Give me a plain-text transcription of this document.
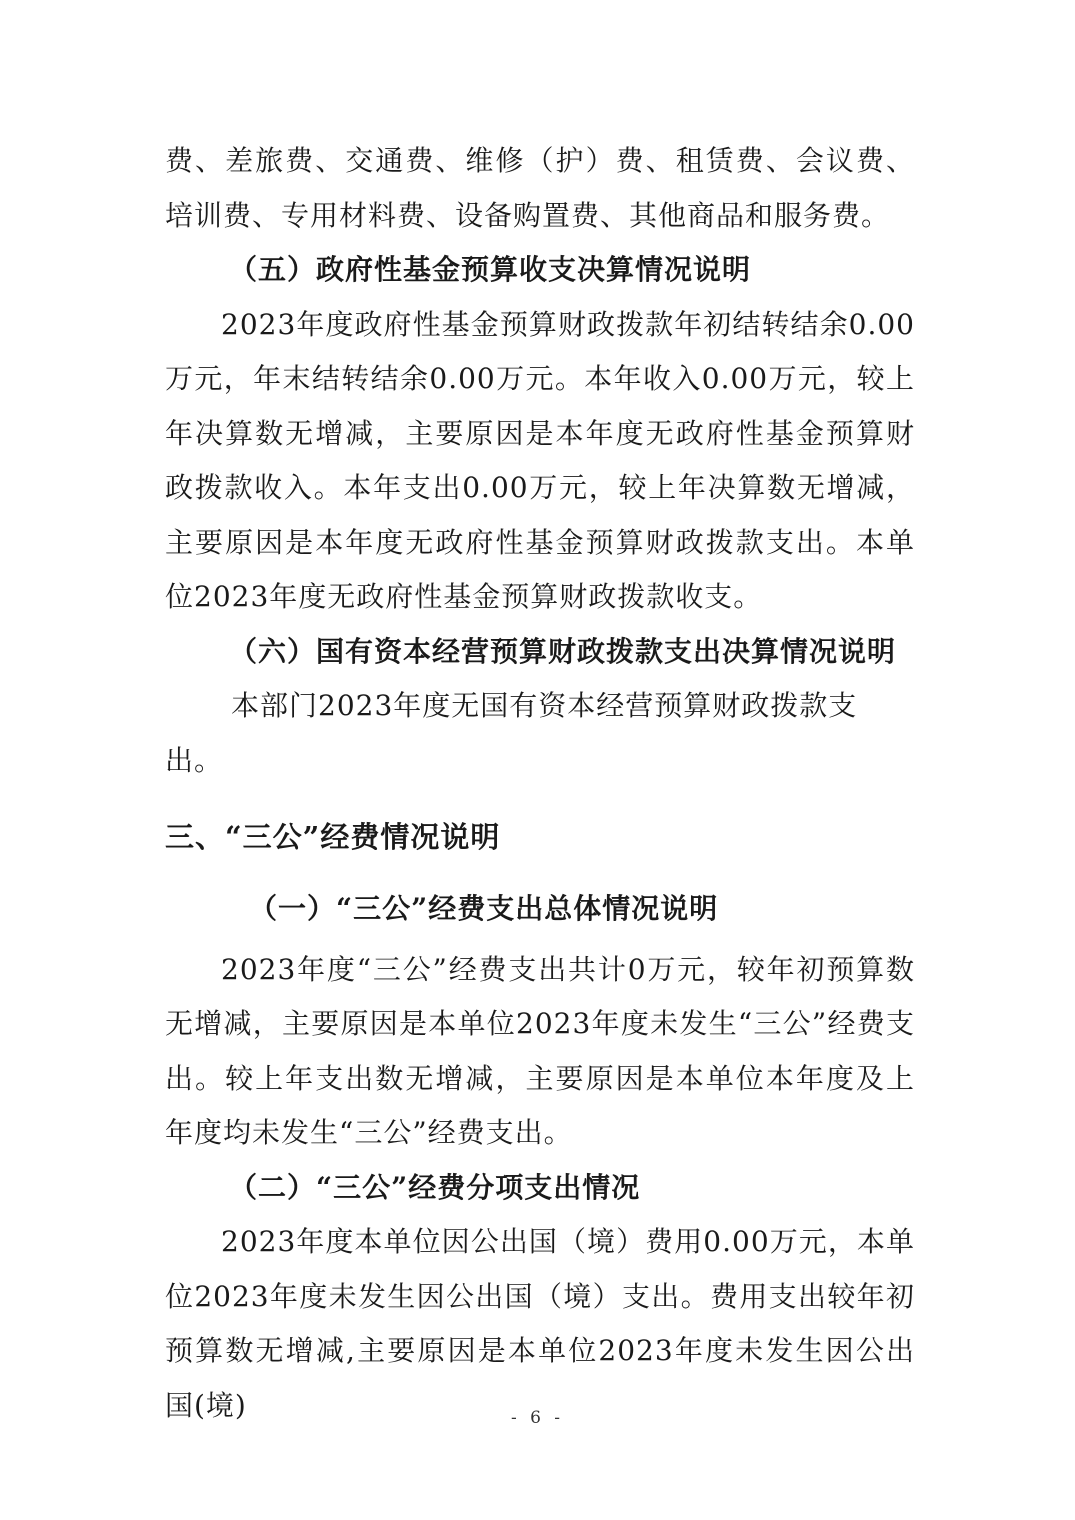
费、差旅费、交通费、维修（护）费、租赁费、会议费、培训费、专用材料费、设备购置费、其他商品和服务费。

（五）政府性基金预算收支决算情况说明

2023年度政府性基金预算财政拨款年初结转结余0.00万元，年末结转结余0.00万元。本年收入0.00万元，较上年决算数无增减，主要原因是本年度无政府性基金预算财政拨款收入。本年支出0.00万元，较上年决算数无增减，主要原因是本年度无政府性基金预算财政拨款支出。本单位2023年度无政府性基金预算财政拨款收支。

（六）国有资本经营预算财政拨款支出决算情况说明

本部门2023年度无国有资本经营预算财政拨款支出。

三、“三公”经费情况说明

（一）“三公”经费支出总体情况说明

2023年度“三公”经费支出共计0万元，较年初预算数无增减，主要原因是本单位2023年度未发生“三公”经费支出。较上年支出数无增减，主要原因是本单位本年度及上年度均未发生“三公”经费支出。

（二）“三公”经费分项支出情况

2023年度本单位因公出国（境）费用0.00万元，本单位2023年度未发生因公出国（境）支出。费用支出较年初预算数无增减,主要原因是本单位2023年度未发生因公出国(境)	- 6 -
